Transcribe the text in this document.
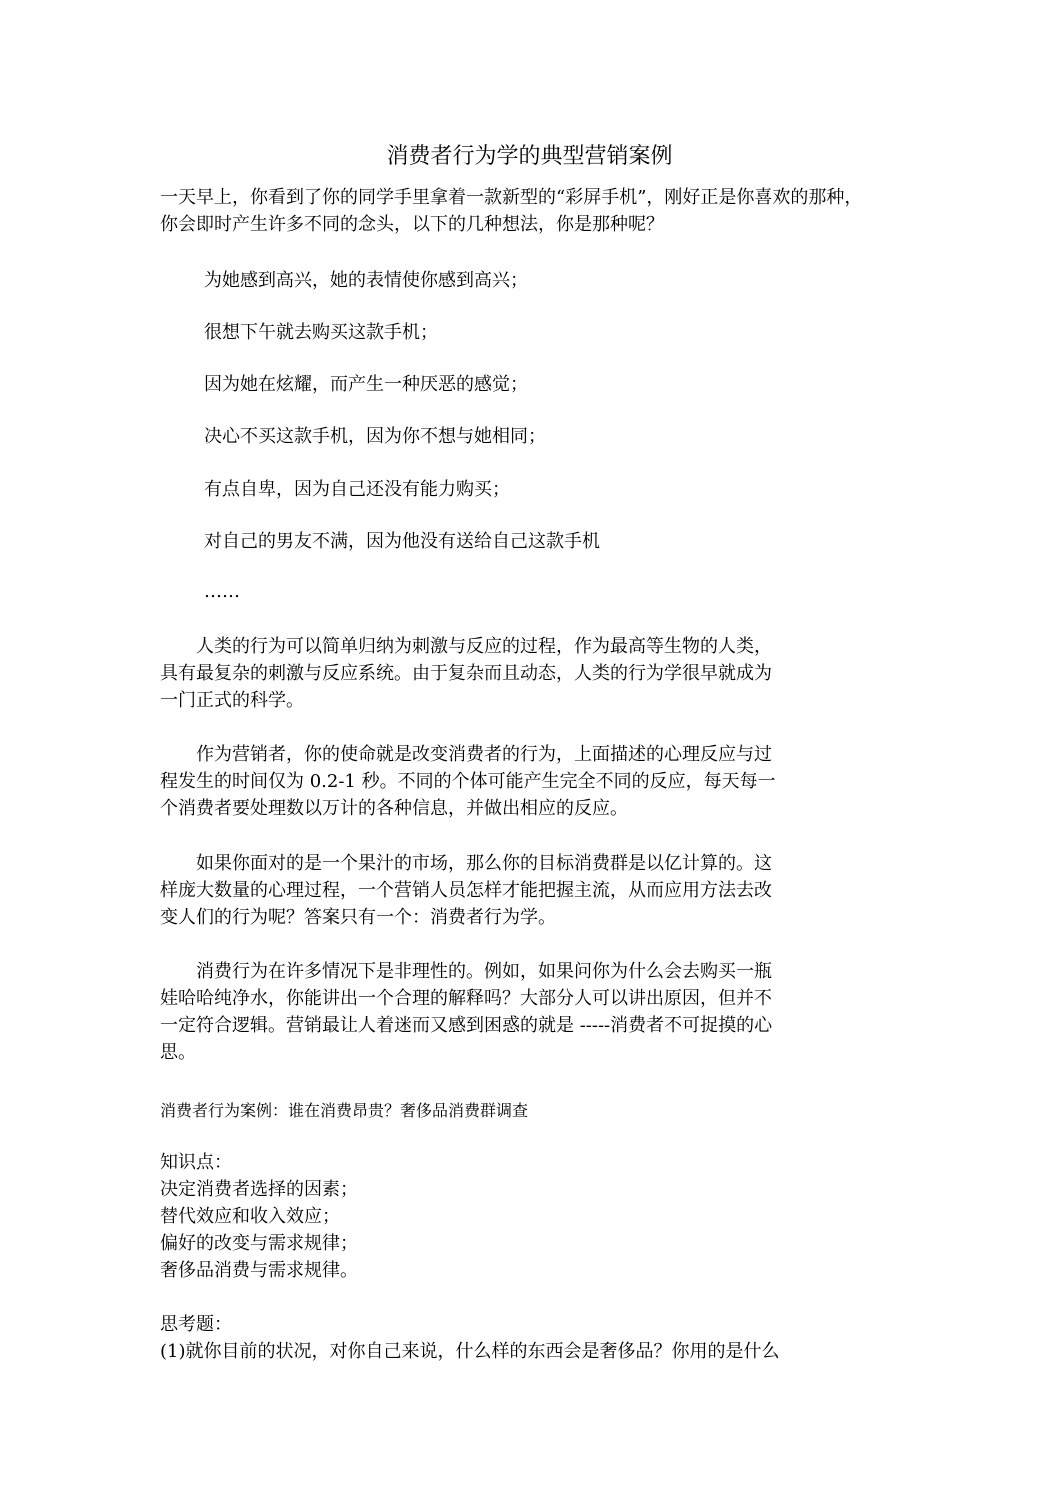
消费者行为学的典型营销案例

一天早上，你看到了你的同学手里拿着一款新型的“彩屏手机”，刚好正是你喜欢的那种，

你会即时产生许多不同的念头，以下的几种想法，你是那种呢？

为她感到高兴，她的表情使你感到高兴；
很想下午就去购买这款手机；
因为她在炫耀，而产生一种厌恶的感觉；
决心不买这款手机，因为你不想与她相同；
有点自卑，因为自己还没有能力购买；
对自己的男友不满，因为他没有送给自己这款手机
……

　　人类的行为可以简单归纳为刺激与反应的过程，作为最高等生物的人类，

具有最复杂的刺激与反应系统。由于复杂而且动态，人类的行为学很早就成为

一门正式的科学。

　　作为营销者，你的使命就是改变消费者的行为，上面描述的心理反应与过

程发生的时间仅为 0.2-1 秒。不同的个体可能产生完全不同的反应，每天每一

个消费者要处理数以万计的各种信息，并做出相应的反应。

　　如果你面对的是一个果汁的市场，那么你的目标消费群是以亿计算的。这

样庞大数量的心理过程，一个营销人员怎样才能把握主流，从而应用方法去改

变人们的行为呢？答案只有一个：消费者行为学。

　　消费行为在许多情况下是非理性的。例如，如果问你为什么会去购买一瓶

娃哈哈纯净水，你能讲出一个合理的解释吗？大部分人可以讲出原因，但并不

一定符合逻辑。营销最让人着迷而又感到困惑的就是 -----消费者不可捉摸的心

思。

消费者行为案例：谁在消费昂贵？奢侈品消费群调查

知识点：

决定消费者选择的因素；

替代效应和收入效应；

偏好的改变与需求规律；

奢侈品消费与需求规律。

思考题：

(1)就你目前的状况，对你自己来说，什么样的东西会是奢侈品？你用的是什么
